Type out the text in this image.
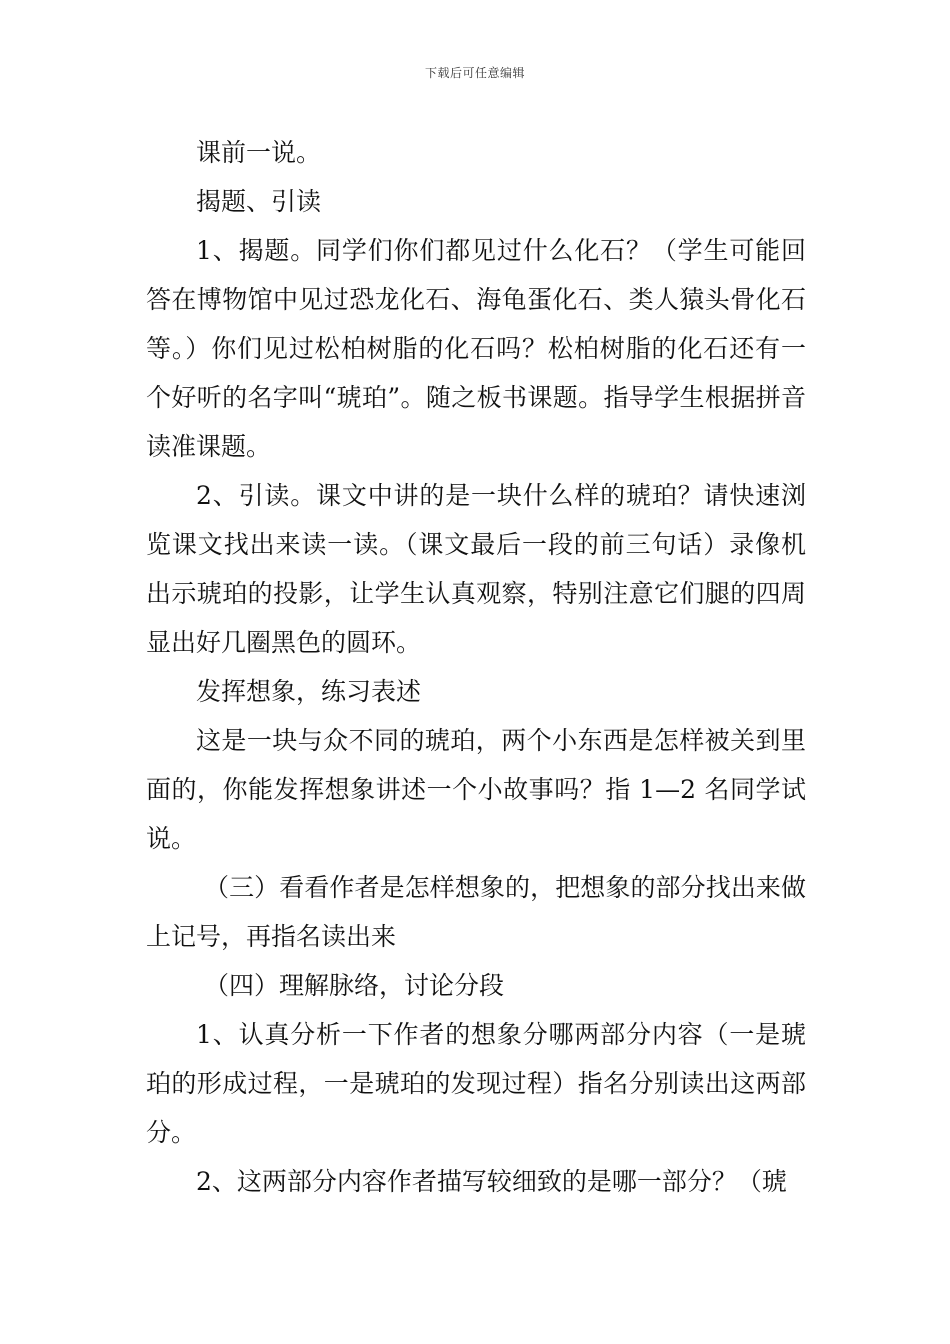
下载后可任意编辑

课前一说。

揭题、引读

1、揭题。同学们你们都见过什么化石？（学生可能回答在博物馆中见过恐龙化石、海龟蛋化石、类人猿头骨化石等。）你们见过松柏树脂的化石吗？松柏树脂的化石还有一个好听的名字叫“琥珀”。随之板书课题。指导学生根据拼音读准课题。

2、引读。课文中讲的是一块什么样的琥珀？请快速浏览课文找出来读一读。（课文最后一段的前三句话）录像机出示琥珀的投影，让学生认真观察，特别注意它们腿的四周显出好几圈黑色的圆环。

发挥想象，练习表述

这是一块与众不同的琥珀，两个小东西是怎样被关到里面的，你能发挥想象讲述一个小故事吗？指 1—2 名同学试说。

（三）看看作者是怎样想象的，把想象的部分找出来做上记号，再指名读出来

（四）理解脉络，讨论分段

1、认真分析一下作者的想象分哪两部分内容（一是琥珀的形成过程，一是琥珀的发现过程）指名分别读出这两部分。

2、这两部分内容作者描写较细致的是哪一部分？（琥
